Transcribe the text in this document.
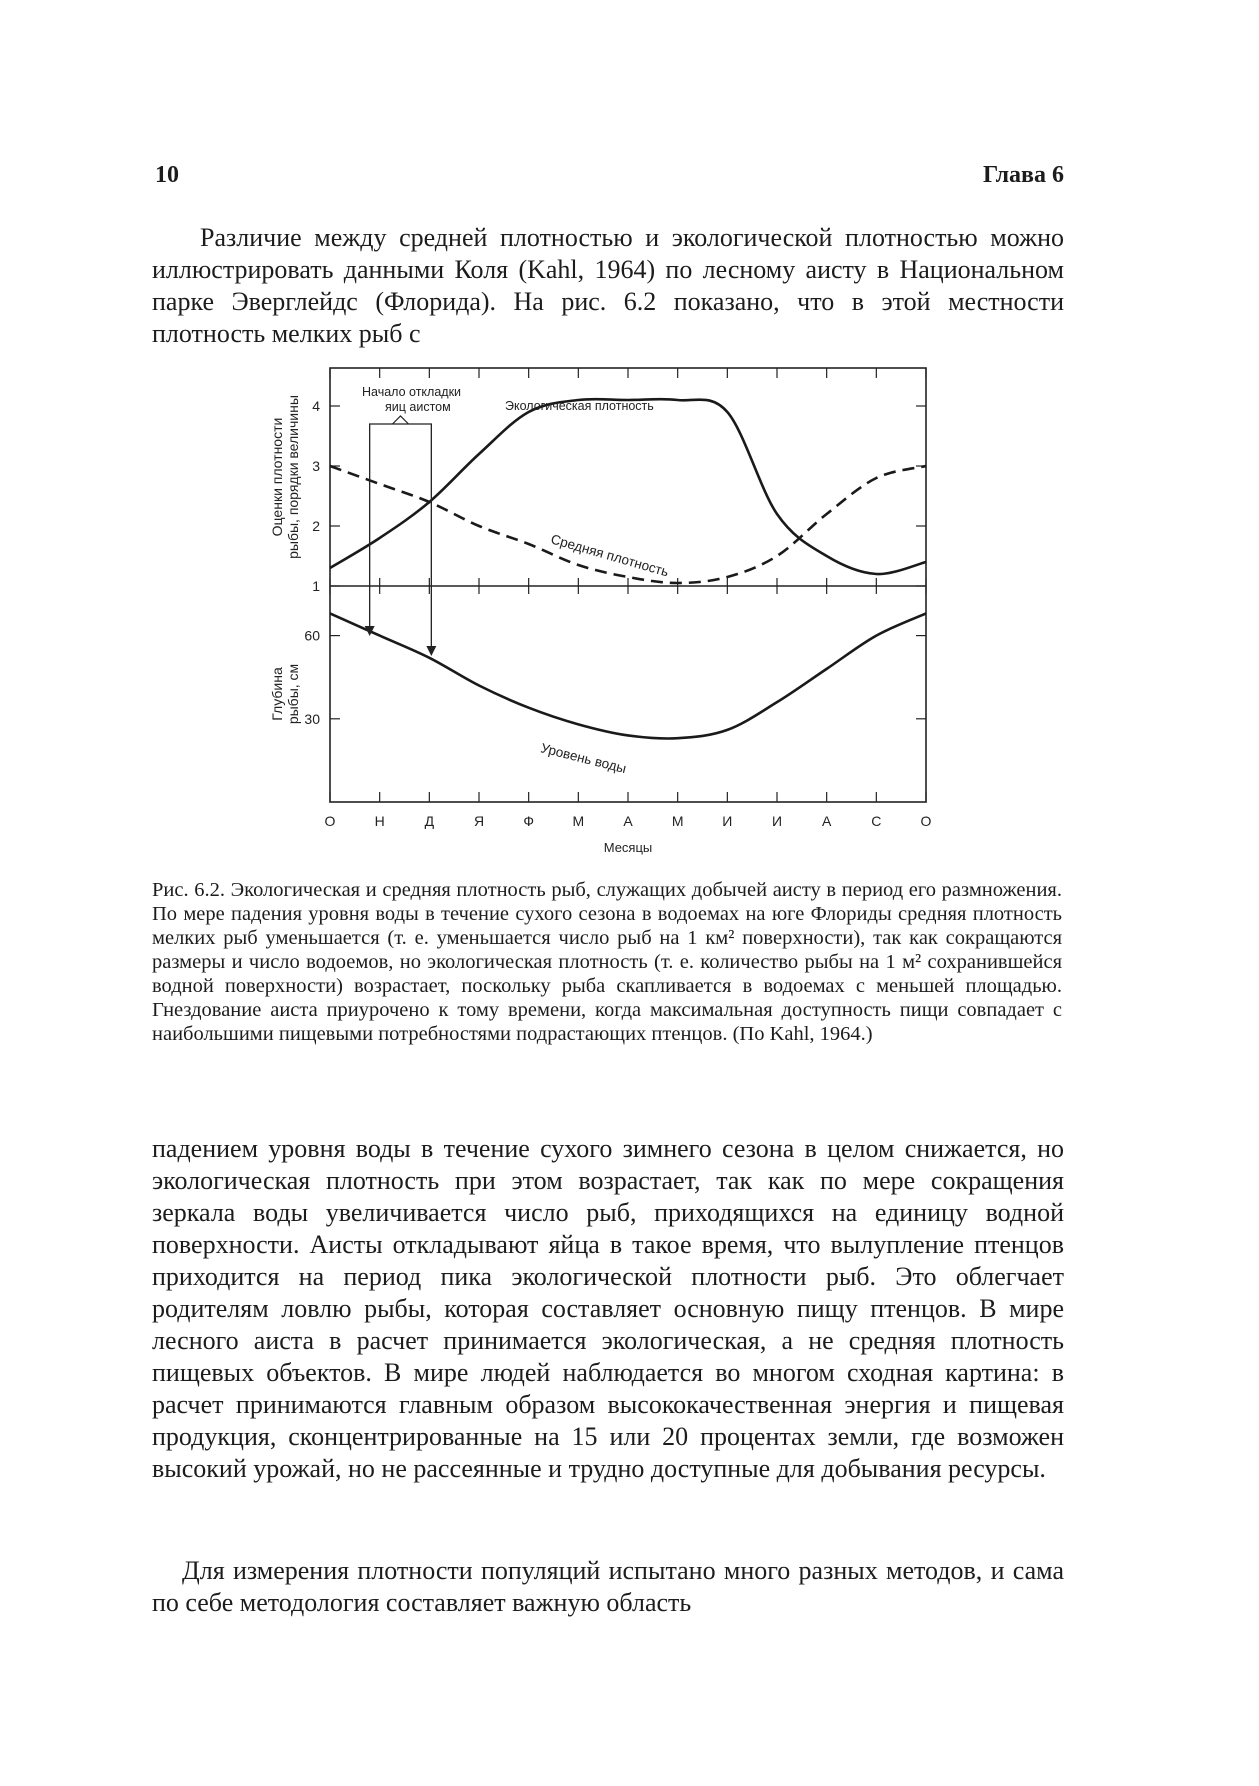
10	Глава 6
Различие между средней плотностью и экологической плотностью можно иллюстрировать данными Коля (Kahl, 1964) по лесному аисту в Национальном парке Эверглейдс (Флорида). На рис. 6.2 показано, что в этой местности плотность мелких рыб с
О	Н	Д	Я	Ф	М	А	М	И	И	А	С	О
Месяцы
1
2
3
4
Оценки плотности рыбы, порядки величины
30
60
Глубина рыбы, см
Экологическая плотность
Средняя плотность
Уровень воды
Начало откладки
яиц аистом
Рис. 6.2. Экологическая и средняя плотность рыб, служащих добычей аисту в период его размножения. По мере падения уровня воды в течение сухого сезона в водоемах на юге Флориды средняя плотность мелких рыб уменьшается (т. е. уменьшается число рыб на 1 км² поверхности), так как сокращаются размеры и число водоемов, но экологическая плотность (т. е. количество рыбы на 1 м² сохранившейся водной поверхности) возрастает, поскольку рыба скапливается в водоемах с меньшей площадью. Гнездование аиста приурочено к тому времени, когда максимальная доступность пищи совпадает с наибольшими пищевыми потребностями подрастающих птенцов. (По Kahl, 1964.)
падением уровня воды в течение сухого зимнего сезона в целом снижается, но экологическая плотность при этом возрастает, так как по мере сокращения зеркала воды увеличивается число рыб, приходящихся на единицу водной поверхности. Аисты откладывают яйца в такое время, что вылупление птенцов приходится на период пика экологической плотности рыб. Это облегчает родителям ловлю рыбы, которая составляет основную пищу птенцов. В мире лесного аиста в расчет принимается экологическая, а не средняя плотность пищевых объектов. В мире людей наблюдается во многом сходная картина: в расчет принимаются главным образом высококачественная энергия и пищевая продукция, сконцентрированные на 15 или 20 процентах земли, где возможен высокий урожай, но не рассеянные и трудно доступные для добывания ресурсы.
Для измерения плотности популяций испытано много разных методов, и сама по себе методология составляет важную область
